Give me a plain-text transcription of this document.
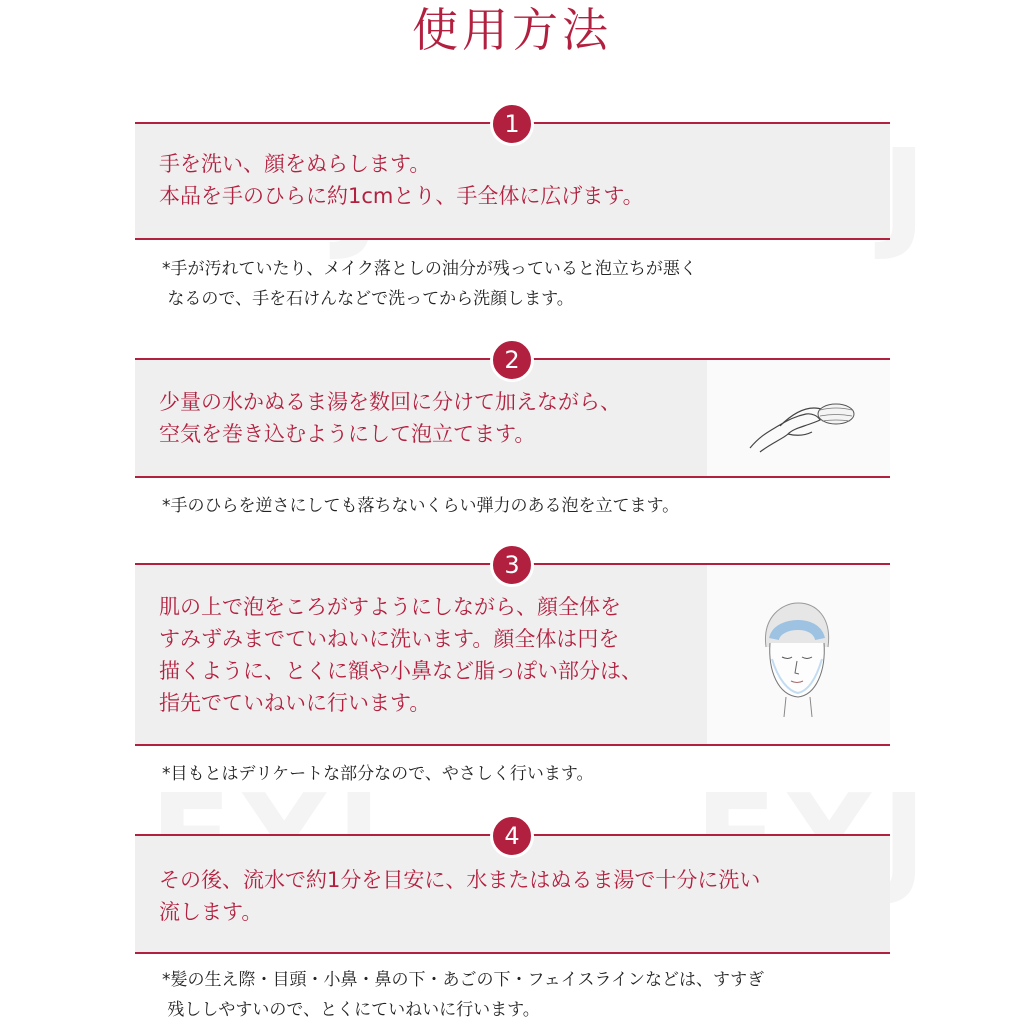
使用方法
手を洗い、顔をぬらします。
本品を手のひらに約1cmとり、手全体に広げます。
1
*手が汚れていたり、メイク落としの油分が残っていると泡立ちが悪く
なるので、手を石けんなどで洗ってから洗顔します。
少量の水かぬるま湯を数回に分けて加えながら、
空気を巻き込むようにして泡立てます。
2
*手のひらを逆さにしても落ちないくらい弾力のある泡を立てます。
肌の上で泡をころがすようにしながら、顔全体を
すみずみまでていねいに洗います。顔全体は円を
描くように、とくに額や小鼻など脂っぽい部分は、
指先でていねいに行います。
3
*目もとはデリケートな部分なので、やさしく行います。
その後、流水で約1分を目安に、水またはぬるま湯で十分に洗い
流します。
4
*髪の生え際・目頭・小鼻・鼻の下・あごの下・フェイスラインなどは、すすぎ
残ししやすいので、とくにていねいに行います。
